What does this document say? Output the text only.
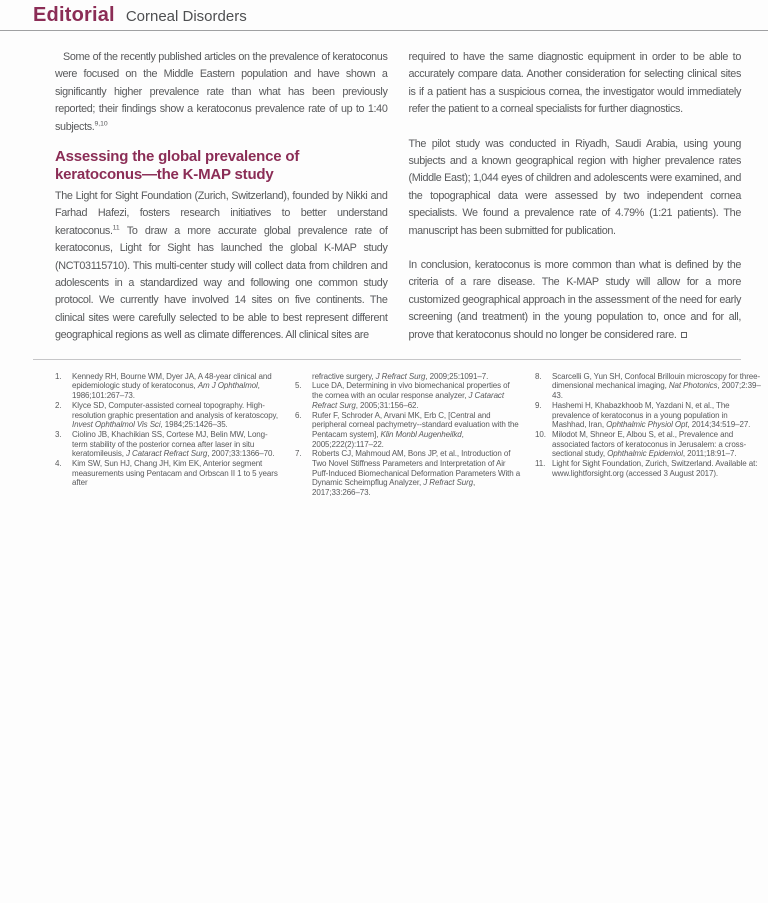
Editorial Corneal Disorders

Some of the recently published articles on the prevalence of keratoconus were focused on the Middle Eastern population and have shown a significantly higher prevalence rate than what has been previously reported; their findings show a keratoconus prevalence rate of up to 1:40 subjects.$^{9,10}$

Assessing the global prevalence of
keratoconus—the K-MAP study

The Light for Sight Foundation (Zurich, Switzerland), founded by Nikki and Farhad Hafezi, fosters research initiatives to better understand keratoconus.$^{11}$ To draw a more accurate global prevalence rate of keratoconus, Light for Sight has launched the global K-MAP study (NCT03115710). This multi-center study will collect data from children and adolescents in a standardized way and following one common study protocol. We currently have involved 14 sites on five continents. The clinical sites were carefully selected to be able to best represent different geographical regions as well as climate differences. All clinical sites are

required to have the same diagnostic equipment in order to be able to accurately compare data. Another consideration for selecting clinical sites is if a patient has a suspicious cornea, the investigator would immediately refer the patient to a corneal specialists for further diagnostics.

The pilot study was conducted in Riyadh, Saudi Arabia, using young subjects and a known geographical region with higher prevalence rates (Middle East); 1,044 eyes of children and adolescents were examined, and the topographical data were assessed by two independent cornea specialists. We found a prevalence rate of 4.79% (1:21 patients). The manuscript has been submitted for publication.

In conclusion, keratoconus is more common than what is defined by the criteria of a rare disease. The K-MAP study will allow for a more customized geographical approach in the assessment of the need for early screening (and treatment) in the young population to, once and for all, prove that keratoconus should no longer be considered rare.

1.	Kennedy RH, Bourne WM, Dyer JA, A 48-year clinical and epidemiologic study of keratoconus, Am J Ophthalmol, 1986;101:267–73.
2.	Klyce SD, Computer-assisted corneal topography. High-resolution graphic presentation and analysis of keratoscopy, Invest Ophthalmol Vis Sci, 1984;25:1426–35.
3.	Ciolino JB, Khachikian SS, Cortese MJ, Belin MW, Long-term stability of the posterior cornea after laser in situ keratomileusis, J Cataract Refract Surg, 2007;33:1366–70.
4.	Kim SW, Sun HJ, Chang JH, Kim EK, Anterior segment measurements using Pentacam and Orbscan II 1 to 5 years after
refractive surgery, J Refract Surg, 2009;25:1091–7.
5.	Luce DA, Determining in vivo biomechanical properties of the cornea with an ocular response analyzer, J Cataract Refract Surg, 2005;31:156–62.
6.	Rufer F, Schroder A, Arvani MK, Erb C, [Central and peripheral corneal pachymetry--standard evaluation with the Pentacam system], Klin Monbl Augenheilkd, 2005;222(2):117–22.
7.	Roberts CJ, Mahmoud AM, Bons JP, et al., Introduction of Two Novel Stiffness Parameters and Interpretation of Air Puff-Induced Biomechanical Deformation Parameters With a Dynamic Scheimpflug Analyzer, J Refract Surg, 2017;33:266–73.
8.	Scarcelli G, Yun SH, Confocal Brillouin microscopy for three-dimensional mechanical imaging, Nat Photonics, 2007;2:39–43.
9.	Hashemi H, Khabazkhoob M, Yazdani N, et al., The prevalence of keratoconus in a young population in Mashhad, Iran, Ophthalmic Physiol Opt, 2014;34:519–27.
10. Milodot M, Shneor E, Albou S, et al., Prevalence and associated factors of keratoconus in Jerusalem: a cross-sectional study, Ophthalmic Epidemiol, 2011;18:91–7.
11. Light for Sight Foundation, Zurich, Switzerland. Available at: www.lightforsight.org (accessed 3 August 2017).
